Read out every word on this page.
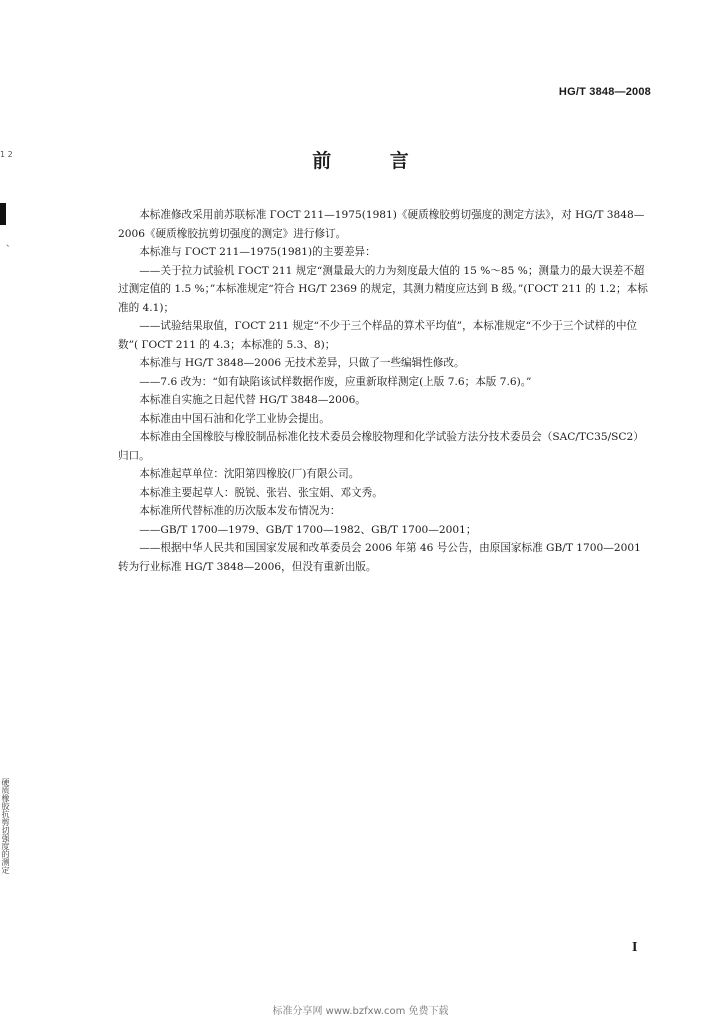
HG/T 3848—2008
前 言

本标准修改采用前苏联标准 ГОСТ 211—1975(1981)《硬质橡胶剪切强度的测定方法》，对 HG/T 3848—2006《硬质橡胶抗剪切强度的测定》进行修订。

本标准与 ГОСТ 211—1975(1981)的主要差异：

——关于拉力试验机 ГОСТ 211 规定“测量最大的力为刻度最大值的 15 %～85 %；测量力的最大误差不超过测定值的 1.5 %；”本标准规定“符合 HG/T 2369 的规定，其测力精度应达到 B 级。”(ГОСТ 211 的 1.2；本标准的 4.1)；

——试验结果取值，ГОСТ 211 规定“不少于三个样品的算术平均值”，本标准规定“不少于三个试样的中位数”( ГОСТ 211 的 4.3；本标准的 5.3、8)；

本标准与 HG/T 3848—2006 无技术差异，只做了一些编辑性修改。

——7.6 改为：“如有缺陷该试样数据作废，应重新取样测定(上版 7.6；本版 7.6)。”

本标准自实施之日起代替 HG/T 3848—2006。

本标准由中国石油和化学工业协会提出。

本标准由全国橡胶与橡胶制品标准化技术委员会橡胶物理和化学试验方法分技术委员会（SAC/TC35/SC2）归口。

本标准起草单位：沈阳第四橡胶(厂)有限公司。

本标准主要起草人：脱锐、张岩、张宝娟、邓文秀。

本标准所代替标准的历次版本发布情况为：

——GB/T 1700—1979、GB/T 1700—1982、GB/T 1700—2001；

——根据中华人民共和国国家发展和改革委员会 2006 年第 46 号公告，由原国家标准 GB/T 1700—2001 转为行业标准 HG/T 3848—2006，但没有重新出版。

1 2
、
硬质橡胶抗剪切强度的测定
I
标准分享网 www.bzfxw.com 免费下载
